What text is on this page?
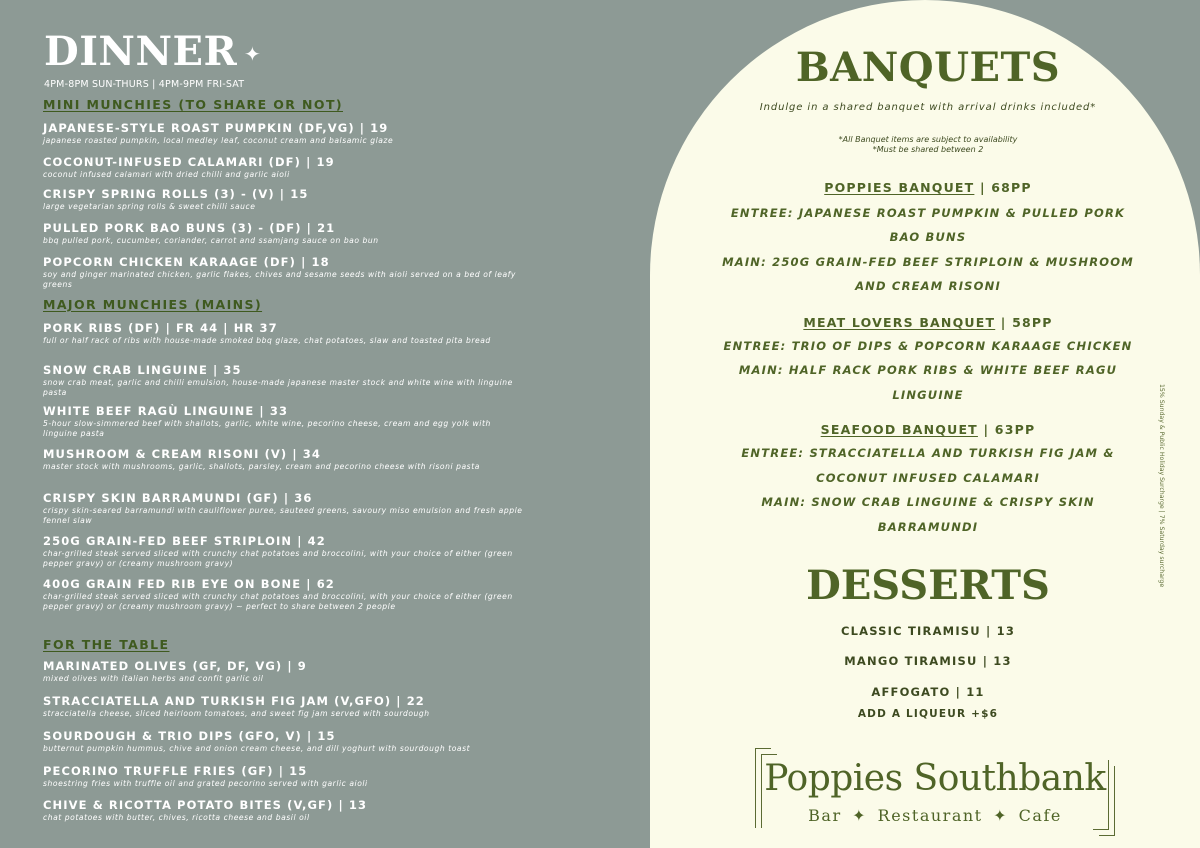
DINNER ✦
4PM-8PM SUN-THURS | 4PM-9PM FRI-SAT
MINI MUNCHIES (TO SHARE OR NOT)
JAPANESE-STYLE ROAST PUMPKIN (DF,VG) | 19
japanese roasted pumpkin, local medley leaf, coconut cream and balsamic glaze
COCONUT-INFUSED CALAMARI (DF) | 19
coconut infused calamari with dried chilli and garlic aioli
CRISPY SPRING ROLLS (3) - (V) | 15
large vegetarian spring rolls & sweet chilli sauce
PULLED PORK BAO BUNS (3) - (DF) | 21
bbq pulled pork, cucumber, coriander, carrot and ssamjang sauce on bao bun
POPCORN CHICKEN KARAAGE (DF) | 18
soy and ginger marinated chicken, garlic flakes, chives and sesame seeds with aioli served on a bed of leafy greens
MAJOR MUNCHIES (MAINS)
PORK RIBS (DF) | FR 44 | HR 37
full or half rack of ribs with house-made smoked bbq glaze, chat potatoes, slaw and toasted pita bread
SNOW CRAB LINGUINE | 35
snow crab meat, garlic and chilli emulsion, house-made japanese master stock and white wine with linguine pasta
WHITE BEEF RAGÙ LINGUINE | 33
5-hour slow-simmered beef with shallots, garlic, white wine, pecorino cheese, cream and egg yolk with linguine pasta
MUSHROOM & CREAM RISONI (V) | 34
master stock with mushrooms, garlic, shallots, parsley, cream and pecorino cheese with risoni pasta
CRISPY SKIN BARRAMUNDI (GF) | 36
crispy skin-seared barramundi with cauliflower puree, sauteed greens, savoury miso emulsion and fresh apple fennel slaw
250G GRAIN-FED BEEF STRIPLOIN | 42
char-grilled steak served sliced with crunchy chat potatoes and broccolini, with your choice of either (green pepper gravy) or (creamy mushroom gravy)
400G GRAIN FED RIB EYE ON BONE | 62
char-grilled steak served sliced with crunchy chat potatoes and broccolini, with your choice of either (green pepper gravy) or (creamy mushroom gravy) ~ perfect to share between 2 people
FOR THE TABLE
MARINATED OLIVES (GF, DF, VG) | 9
mixed olives with italian herbs and confit garlic oil
STRACCIATELLA AND TURKISH FIG JAM (V,GFO) | 22
stracciatella cheese, sliced heirloom tomatoes, and sweet fig jam served with sourdough
SOURDOUGH & TRIO DIPS (GFO, V) | 15
butternut pumpkin hummus, chive and onion cream cheese, and dill yoghurt with sourdough toast
PECORINO TRUFFLE FRIES (GF) | 15
shoestring fries with truffle oil and grated pecorino served with garlic aioli
CHIVE & RICOTTA POTATO BITES (V,GF) | 13
chat potatoes with butter, chives, ricotta cheese and basil oil
BANQUETS
Indulge in a shared banquet with arrival drinks included*
*All Banquet items are subject to availability
*Must be shared between 2
POPPIES BANQUET | 68PP
ENTREE: JAPANESE ROAST PUMPKIN & PULLED PORK
BAO BUNS
MAIN: 250G GRAIN-FED BEEF STRIPLOIN & MUSHROOM
AND CREAM RISONI
MEAT LOVERS BANQUET | 58PP
ENTREE: TRIO OF DIPS & POPCORN KARAAGE CHICKEN
MAIN: HALF RACK PORK RIBS & WHITE BEEF RAGU
LINGUINE
SEAFOOD BANQUET | 63PP
ENTREE: STRACCIATELLA AND TURKISH FIG JAM &
COCONUT INFUSED CALAMARI
MAIN: SNOW CRAB LINGUINE & CRISPY SKIN
BARRAMUNDI
DESSERTS
CLASSIC TIRAMISU | 13
MANGO TIRAMISU | 13
AFFOGATO | 11
ADD A LIQUEUR +$6
Poppies Southbank
Bar ✦ Restaurant ✦ Cafe
15% Sunday & Public Holiday Surcharge | 7% Saturday surcharge
